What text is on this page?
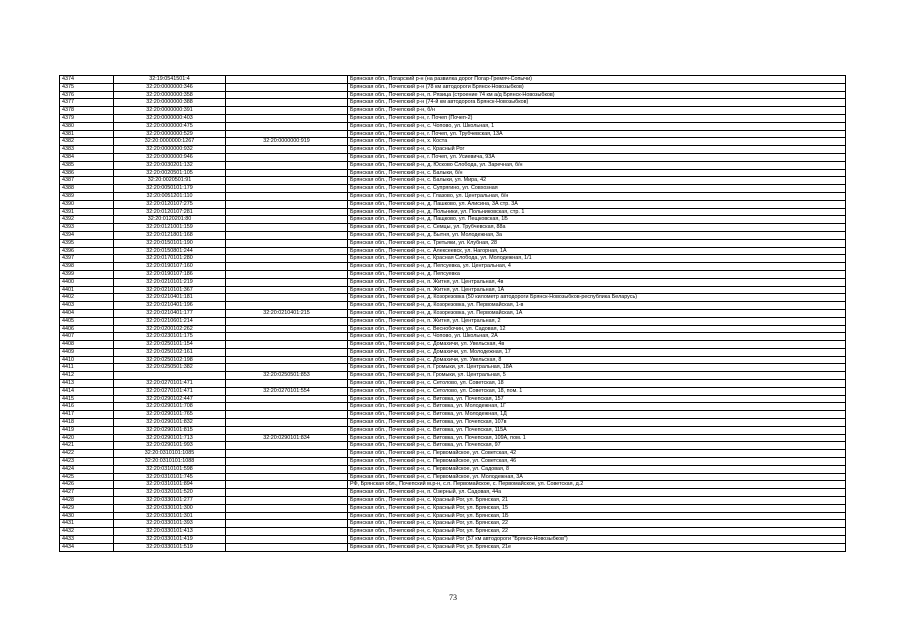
4374	32:19:0541501:4		Брянская обл., Погарский р-н (на развилка дорог Погар-Гремяч-Сопычи)
4375	32:20:0000000:346		Брянская обл., Почепский р-н (78 км автодороги Брянск-Новозыбков)
4376	32:20:0000000:358		Брянская обл., Почепский р-н, п. Рязица (строение 74 км а/д Брянск-Новозыбков)
4377	32:20:0000000:388		Брянская обл., Почепский р-н (74-й км автодорога Брянск-Новозыбков)
4378	32:20:0000000:391		Брянская обл., Почепский р-н, б/н
4379	32:20:0000000:403		Брянская обл., Почепский р-н, г. Почеп (Почеп-2)
4380	32:20:0000000:475		Брянская обл., Почепский р-н, с. Чоповo, ул. Школьная, 1
4381	32:20:0000000:529		Брянская обл., Почепский р-н, г. Почеп, ул. Трубчевская, 13А
4382	32:20:0000000:1267	32:20:0000000:919	Брянская обл., Почепский р-н, х. Коста
4383	32:20:0000000:932		Брянская обл., Почепский р-н, с. Красный Рог
4384	32:20:0000000:946		Брянская обл., Почепский р-н, г. Почеп, ул. Усиевича, 93А
4385	32:20:0030201:132		Брянская обл., Почепский р-н, д. Юсково Слобода, ул. Заречная, б/н
4386	32:20:0020501:105		Брянская обл., Почепский р-н, с. Балыки, б/н
4387	32:20:0020501:91		Брянская обл., Почепский р-н, с. Балыки, ул. Мира, 42
4388	32:20:0050101:179		Брянская обл., Почепский р-н, с. Супрягино, ул. Совхозная
4389	32:20:0051201:110		Брянская обл., Почепский р-н, с. Глазово, ул. Центральная, б/н
4390	32:20:0120107:275		Брянская обл., Почепский р-н, д. Пашково, ул. Алисина, 3А стр. 3А
4391	32:20:0120107:281		Брянская обл., Почепский р-н, д. Польники, ул. Польниковская, стр. 1
4392	32:20:0120201:80		Брянская обл., Почепский р-н, д. Пащково, ул. Пещковская, 1Б
4393	32:20:0121001:159		Брянская обл., Почепский р-н, с. Семцы, ул. Трубчевская, 88а
4394	32:20:0121801:168		Брянская обл., Почепский р-н, д. Бытня, ул. Молодежная, 3а
4395	32:20:0150101:190		Брянская обл., Почепский р-н, с. Третьяки, ул. Клубная, 28
4396	32:20:0150801:244		Брянская обл., Почепский р-н, с. Алексеевск, ул. Нагорная, 1А
4397	32:20:0170101:280		Брянская обл., Почепский р-н, с. Красная Слобода, ул. Молодежная, 1/1
4398	32:20:0190107:160		Брянская обл., Почепский р-н, д. Пепсуевка, ул. Центральная, 4
4399	32:20:0190107:186		Брянская обл., Почепский р-н, д. Пепсуевка
4400	32:20:0210101:219		Брянская обл., Почепский р-н, п. Житня, ул. Центральная, 4в
4401	32:20:0210101:367		Брянская обл., Почепский р-н, п. Житня, ул. Центральная, 1А
4402	32:20:0210401:181		Брянская обл., Почепский р-н, д. Козорезовка (50 километр автодороги Брянск-Новозыбков-республика Беларусь)
4403	32:20:0210401:196		Брянская обл., Почепский р-н, д. Козорезовка, ул. Первомайская, 1-в
4404	32:20:0210401:177	32:20:0210401:215	Брянская обл., Почепский р-н, д. Козорезовка, ул. Первомайская, 1А
4405	32:20:0210601:214		Брянская обл., Почепский р-н, п. Житня, ул. Центральная, 2
4406	32:20:0200102:262		Брянская обл., Почепский р-н, с. Веснобочин, ул. Садовая, 12
4407	32:20:0230101:175		Брянская обл., Почепский р-н, с. Чоповo, ул. Школьная, 2А
4408	32:20:0250101:154		Брянская обл., Почепский р-н, с. Домахичи, ул. Увельская, 4в
4409	32:20:0250102:161		Брянская обл., Почепский р-н, с. Домахичи, ул. Молодежная, 17
4410	32:20:0250102:198		Брянская обл., Почепский р-н, с. Домахичи, ул. Увельская, 8
4411	32:20:0250501:382		Брянская обл., Почепский р-н, п. Громыки, ул. Центральная, 18А
4412		32:20:0250501:853	Брянская обл., Почепский р-н, п. Громыки, ул. Центральная, 5
4413	32:20:0270101:471		Брянская обл., Почепский р-н, с. Сетолово, ул. Советская, 18
4414	32:20:0270101:471	32:20:0270101:554	Брянская обл., Почепский р-н, с. Сетолово, ул. Советская, 18, пом. 1
4415	32:20:0290102:447		Брянская обл., Почепский р-н, с. Витовка, ул. Почепская, 157
4416	32:20:0290101:708		Брянская обл., Почепский р-н, с. Витовка, ул. Молодежная, 1Г
4417	32:20:0290101:765		Брянская обл., Почепский р-н, с. Витовка, ул. Молодежная, 1Д
4418	32:20:0290101:832		Брянская обл., Почепский р-н, с. Витовка, ул. Почепская, 107в
4419	32:20:0290101:815		Брянская обл., Почепский р-н, с. Витовка, ул. Почепская, 115А
4420	32:20:0290101:713	32:20:0290101:834	Брянская обл., Почепский р-н, с. Витовка, ул. Почепская, 109А, пом. 1
4421	32:20:0290101:993		Брянская обл., Почепский р-н, с. Витовка, ул. Почепская, 97
4422	32:20:0310101:1085		Брянская обл., Почепский р-н, с. Первомайское, ул. Советская, 42
4423	32:20:0310101:1088		Брянская обл., Почепский р-н, с. Первомайское, ул. Советская, 46
4424	32:20:0310101:598		Брянская обл., Почепский р-н, с. Первомайское, ул. Садовая, 8
4425	32:20:0310101:745		Брянская обл., Почепский р-н, с. Первомайское, ул. Молодежная, 3А
4426	32:20:0310101:894		РФ, Брянская обл., Почепский м.р-н, с.п. Первомайское, с. Первомайское, ул. Советская, д.2
4427	32:20:0320101:520		Брянская обл., Почепский р-н, п. Озерный, ул. Садовая, 44а
4428	32:20:0330101:277		Брянская обл., Почепский р-н, с. Красный Рог, ул. Брянская, 21
4429	32:20:0330101:300		Брянская обл., Почепский р-н, с. Красный Рог, ул. Брянская, 15
4430	32:20:0330101:301		Брянская обл., Почепский р-н, с. Красный Рог, ул. Брянская, 1Б
4431	32:20:0330101:393		Брянская обл., Почепский р-н, с. Красный Рог, ул. Брянская, 22
4432	32:20:0330101:413		Брянская обл., Почепский р-н, с. Красный Рог, ул. Брянская, 22
4433	32:20:0330101:419		Брянская обл., Почепский р-н, с. Красный Рог (57 км автодороги "Брянск-Новозыбков")
4434	32:20:0330101:519		Брянская обл., Почепский р-н, с. Красный Рог, ул. Брянская, 21е
73
